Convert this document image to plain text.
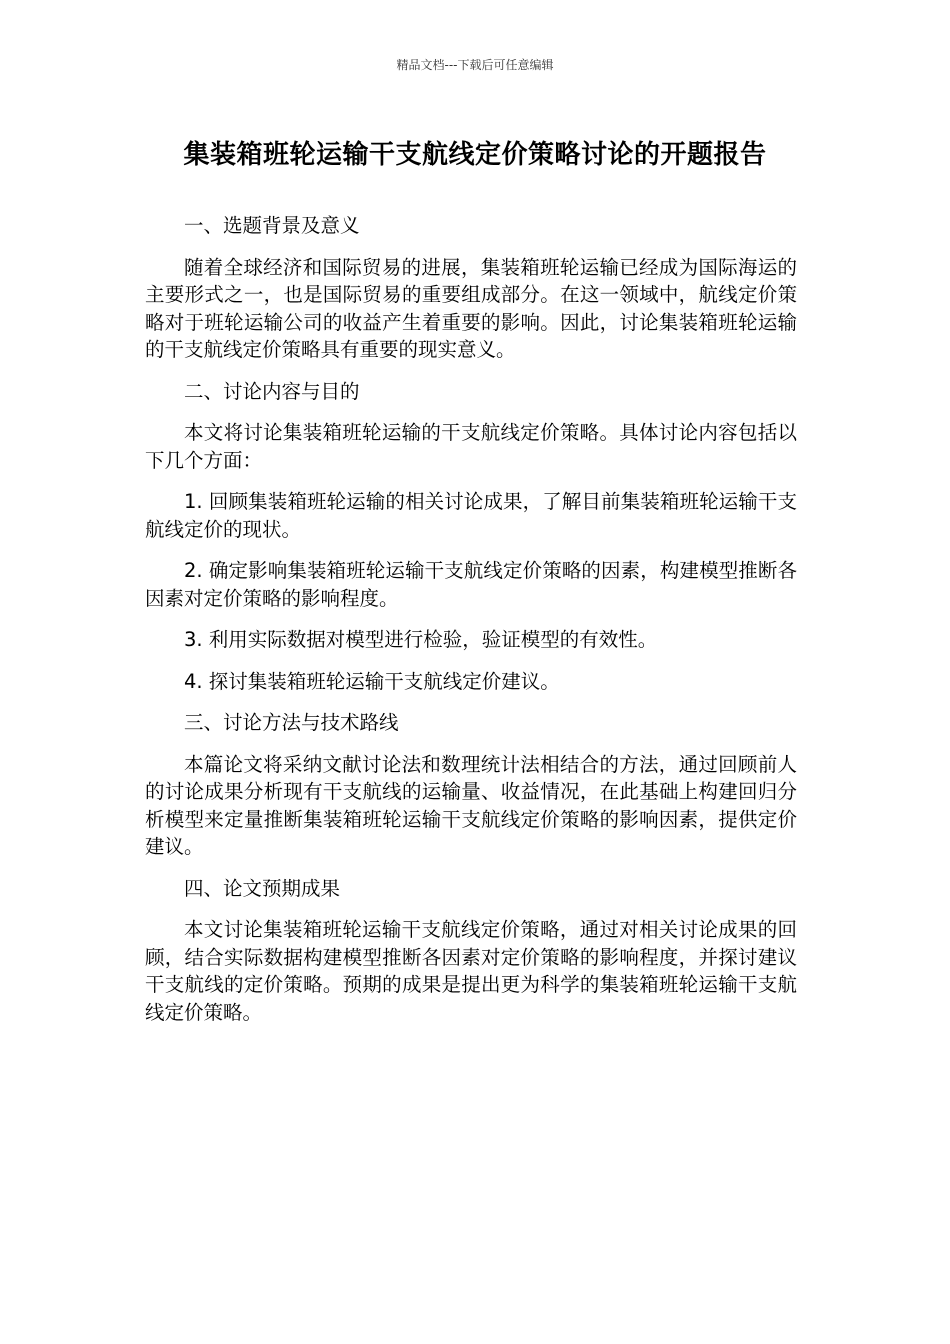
精品文档---下载后可任意编辑
集装箱班轮运输干支航线定价策略讨论的开题报告

一、选题背景及意义

随着全球经济和国际贸易的进展，集装箱班轮运输已经成为国际海运的主要形式之一，也是国际贸易的重要组成部分。在这一领域中，航线定价策略对于班轮运输公司的收益产生着重要的影响。因此，讨论集装箱班轮运输的干支航线定价策略具有重要的现实意义。

二、讨论内容与目的

本文将讨论集装箱班轮运输的干支航线定价策略。具体讨论内容包括以下几个方面：

1. 回顾集装箱班轮运输的相关讨论成果，了解目前集装箱班轮运输干支航线定价的现状。

2. 确定影响集装箱班轮运输干支航线定价策略的因素，构建模型推断各因素对定价策略的影响程度。

3. 利用实际数据对模型进行检验，验证模型的有效性。

4. 探讨集装箱班轮运输干支航线定价建议。

三、讨论方法与技术路线

本篇论文将采纳文献讨论法和数理统计法相结合的方法，通过回顾前人的讨论成果分析现有干支航线的运输量、收益情况，在此基础上构建回归分析模型来定量推断集装箱班轮运输干支航线定价策略的影响因素，提供定价建议。

四、论文预期成果

本文讨论集装箱班轮运输干支航线定价策略，通过对相关讨论成果的回顾，结合实际数据构建模型推断各因素对定价策略的影响程度，并探讨建议干支航线的定价策略。预期的成果是提出更为科学的集装箱班轮运输干支航线定价策略。
